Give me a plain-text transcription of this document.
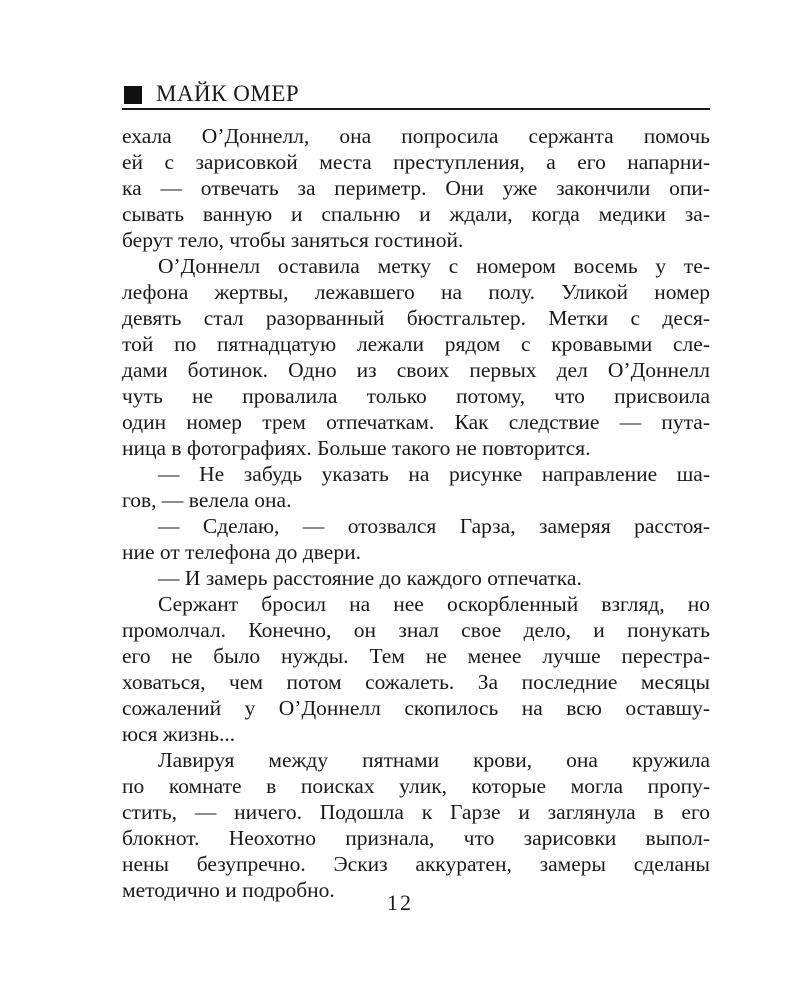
МАЙК ОМЕР
ехала О’Доннелл, она попросила сержанта помочь
ей с зарисовкой места преступления, а его напарни-
ка — отвечать за периметр. Они уже закончили опи-
сывать ванную и спальню и ждали, когда медики за-
берут тело, чтобы заняться гостиной.
О’Доннелл оставила метку с номером восемь у те-
лефона жертвы, лежавшего на полу. Уликой номер
девять стал разорванный бюстгальтер. Метки с деся-
той по пятнадцатую лежали рядом с кровавыми сле-
дами ботинок. Одно из своих первых дел О’Доннелл
чуть не провалила только потому, что присвоила
один номер трем отпечаткам. Как следствие — пута-
ница в фотографиях. Больше такого не повторится.
— Не забудь указать на рисунке направление ша-
гов, — велела она.
— Сделаю, — отозвался Гарза, замеряя расстоя-
ние от телефона до двери.
— И замерь расстояние до каждого отпечатка.
Сержант бросил на нее оскорбленный взгляд, но
промолчал. Конечно, он знал свое дело, и понукать
его не было нужды. Тем не менее лучше перестра-
ховаться, чем потом сожалеть. За последние месяцы
сожалений у О’Доннелл скопилось на всю оставшу-
юся жизнь...
Лавируя между пятнами крови, она кружила
по комнате в поисках улик, которые могла пропу-
стить, — ничего. Подошла к Гарзе и заглянула в его
блокнот. Неохотно признала, что зарисовки выпол-
нены безупречно. Эскиз аккуратен, замеры сделаны
методично и подробно.	12
